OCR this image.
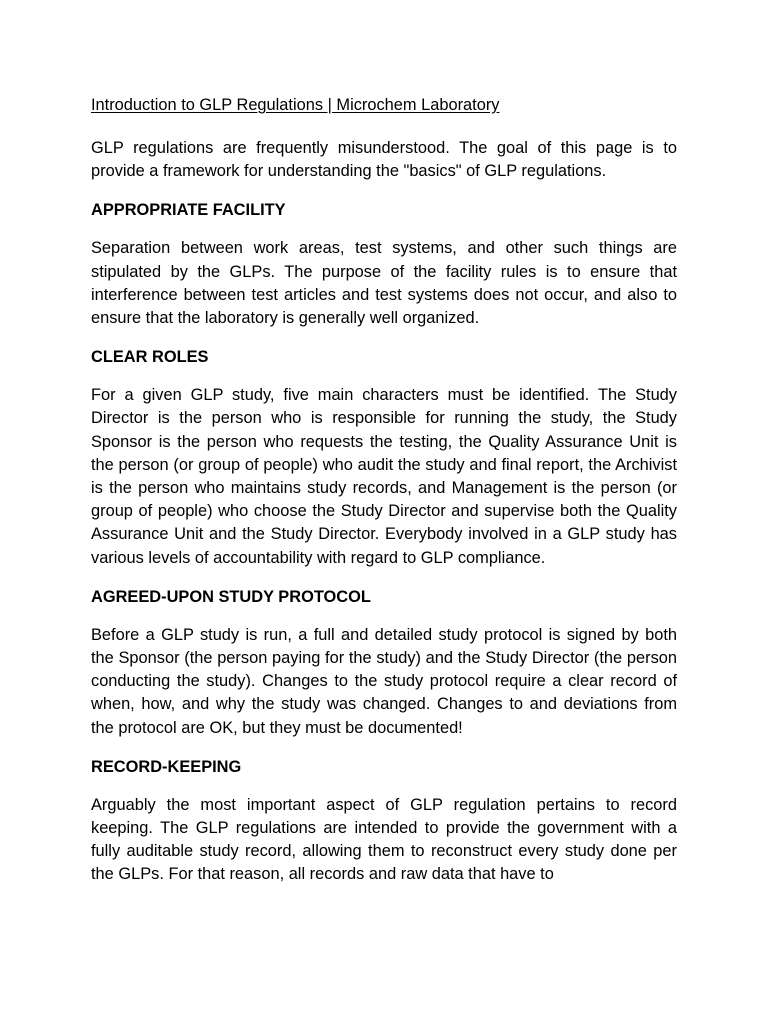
Introduction to GLP Regulations | Microchem Laboratory

GLP regulations are frequently misunderstood. The goal of this page is to provide a framework for understanding the "basics" of GLP regulations.

APPROPRIATE FACILITY

Separation between work areas, test systems, and other such things are stipulated by the GLPs. The purpose of the facility rules is to ensure that interference between test articles and test systems does not occur, and also to ensure that the laboratory is generally well organized.

CLEAR ROLES

For a given GLP study, five main characters must be identified. The Study Director is the person who is responsible for running the study, the Study Sponsor is the person who requests the testing, the Quality Assurance Unit is the person (or group of people) who audit the study and final report, the Archivist is the person who maintains study records, and Management is the person (or group of people) who choose the Study Director and supervise both the Quality Assurance Unit and the Study Director. Everybody involved in a GLP study has various levels of accountability with regard to GLP compliance.

AGREED-UPON STUDY PROTOCOL

Before a GLP study is run, a full and detailed study protocol is signed by both the Sponsor (the person paying for the study) and the Study Director (the person conducting the study). Changes to the study protocol require a clear record of when, how, and why the study was changed. Changes to and deviations from the protocol are OK, but they must be documented!

RECORD-KEEPING

Arguably the most important aspect of GLP regulation pertains to record keeping. The GLP regulations are intended to provide the government with a fully auditable study record, allowing them to reconstruct every study done per the GLPs. For that reason, all records and raw data that have to
